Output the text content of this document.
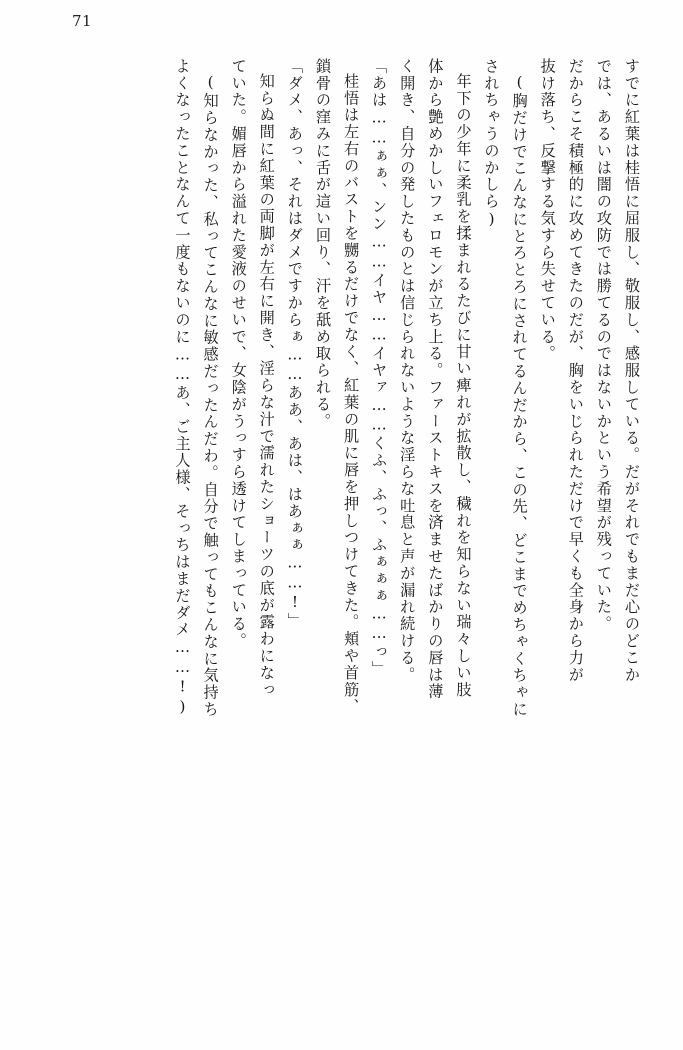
71
すでに紅葉は桂悟に屈服し、敬服し、感服している。だがそれでもまだ心のどこか
では、あるいは闇の攻防では勝てるのではないかという希望が残っていた。
だからこそ積極的に攻めてきたのだが、胸をいじられただけで早くも全身から力が
抜け落ち、反撃する気すら失せている。
(胸だけでこんなにとろとろにされてるんだから、この先、どこまでめちゃくちゃに
されちゃうのかしら)
年下の少年に柔乳を揉まれるたびに甘い痺れが拡散し、穢れを知らない瑞々しい肢
体から艶めかしいフェロモンが立ち上る。ファーストキスを済ませたばかりの唇は薄
く開き、自分の発したものとは信じられないような淫らな吐息と声が漏れ続ける。
「あは……ぁぁ、ンン……イヤ……イヤァ……くふ、ふっ、ふぁぁぁ……っ」
桂悟は左右のバストを嬲るだけでなく、紅葉の肌に唇を押しつけてきた。頬や首筋、
鎖骨の窪みに舌が這い回り、汗を舐め取られる。
「ダメ、あっ、それはダメですからぁ……ああ、あは、はあぁぁ……!」
知らぬ間に紅葉の両脚が左右に開き、淫らな汁で濡れたショーツの底が露わになっ
ていた。媚唇から溢れた愛液のせいで、女陰がうっすら透けてしまっている。
(知らなかった、私ってこんなに敏感だったんだわ。自分で触ってもこんなに気持ち
よくなったことなんて一度もないのに……あ、ご主人様、そっちはまだダメ……!)
